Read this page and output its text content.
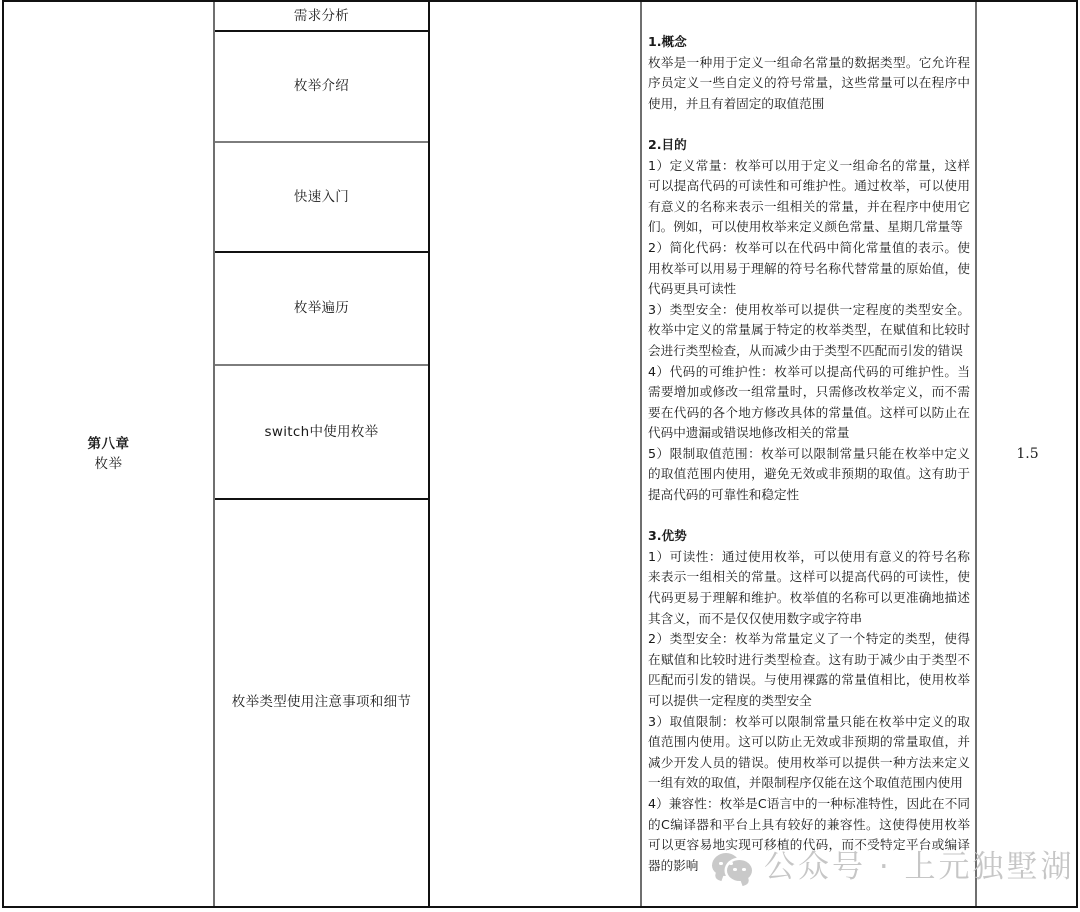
第八章
枚举
需求分析
枚举介绍
快速入门
枚举遍历
switch中使用枚举
枚举类型使用注意事项和细节
1.概念
枚举是一种用于定义一组命名常量的数据类型。它允许程序员定义一些自定义的符号常量，这些常量可以在程序中使用，并且有着固定的取值范围
2.目的
1）定义常量：枚举可以用于定义一组命名的常量，这样可以提高代码的可读性和可维护性。通过枚举，可以使用有意义的名称来表示一组相关的常量，并在程序中使用它们。例如，可以使用枚举来定义颜色常量、星期几常量等
2）简化代码：枚举可以在代码中简化常量值的表示。使用枚举可以用易于理解的符号名称代替常量的原始值，使代码更具可读性
3）类型安全：使用枚举可以提供一定程度的类型安全。枚举中定义的常量属于特定的枚举类型，在赋值和比较时会进行类型检查，从而减少由于类型不匹配而引发的错误
4）代码的可维护性：枚举可以提高代码的可维护性。当需要增加或修改一组常量时，只需修改枚举定义，而不需要在代码的各个地方修改具体的常量值。这样可以防止在代码中遗漏或错误地修改相关的常量
5）限制取值范围：枚举可以限制常量只能在枚举中定义的取值范围内使用，避免无效或非预期的取值。这有助于提高代码的可靠性和稳定性
3.优势
1）可读性：通过使用枚举，可以使用有意义的符号名称来表示一组相关的常量。这样可以提高代码的可读性，使代码更易于理解和维护。枚举值的名称可以更准确地描述其含义，而不是仅仅使用数字或字符串
2）类型安全：枚举为常量定义了一个特定的类型，使得在赋值和比较时进行类型检查。这有助于减少由于类型不匹配而引发的错误。与使用裸露的常量值相比，使用枚举可以提供一定程度的类型安全
3）取值限制：枚举可以限制常量只能在枚举中定义的取值范围内使用。这可以防止无效或非预期的常量取值，并减少开发人员的错误。使用枚举可以提供一种方法来定义一组有效的取值，并限制程序仅能在这个取值范围内使用
4）兼容性：枚举是C语言中的一种标准特性，因此在不同的C编译器和平台上具有较好的兼容性。这使得使用枚举可以更容易地实现可移植的代码，而不受特定平台或编译器的影响
1.5
公众号 · 上元独墅湖
